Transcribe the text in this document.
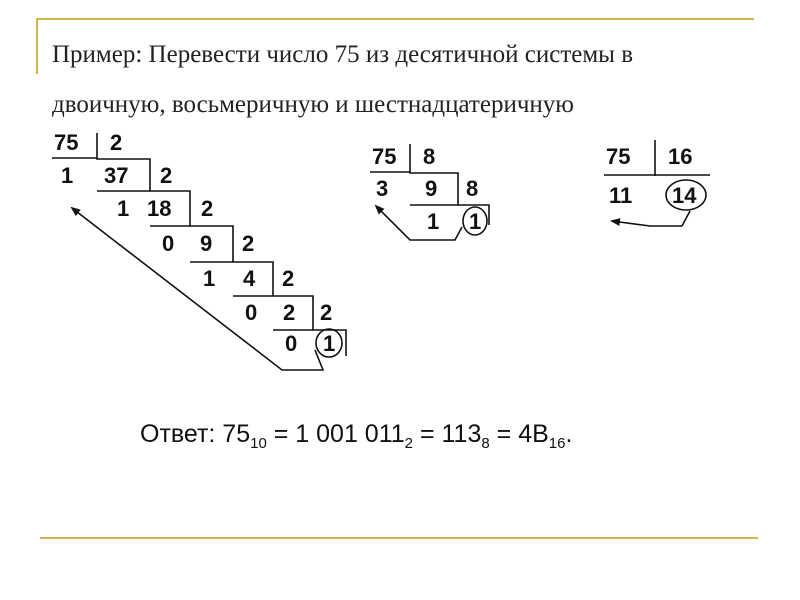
Пример: Перевести число 75 из десятичной системы в
двоичную, восьмеричную и шестнадцатеричную
75 2
1 37 2
1 18 2
0 9 2
1 4 2
0 2 2
0 1
75 8
3 9 8
1 1
75 16
11 14
Ответ: $75_{10} = 1$ 001 $011_2 = 113_8 = 4B_{16}$.
